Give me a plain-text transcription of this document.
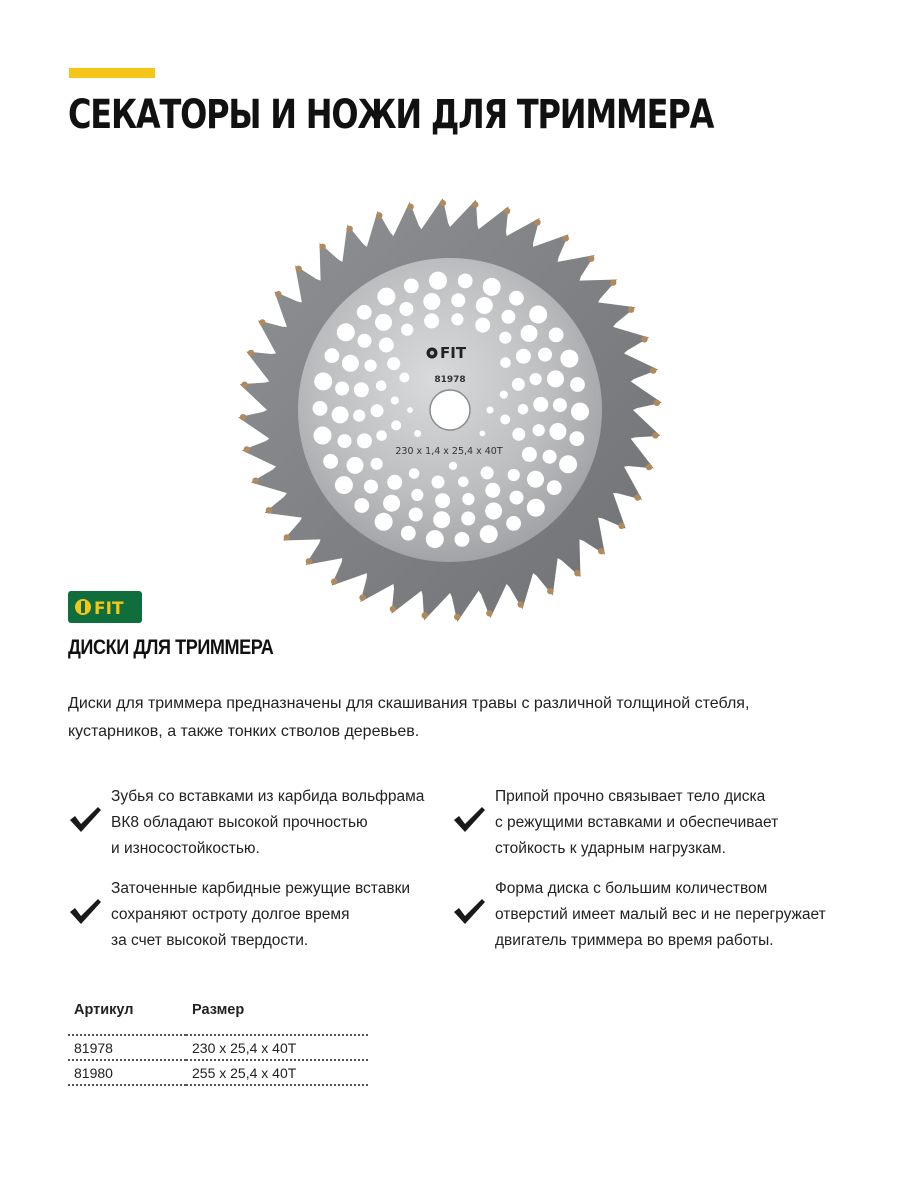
СЕКАТОРЫ И НОЖИ ДЛЯ ТРИММЕРА
FIT
81978
230 x 1,4 x 25,4 x 40T
FIT
ДИСКИ ДЛЯ ТРИММЕРА

Диски для триммера предназначены для скашивания травы с различной толщиной стебля, кустарников, а также тонких стволов деревьев.

Зубья со вставками из карбида вольфрама
ВК8 обладают высокой прочностью
и износостойкостью.

Припой прочно связывает тело диска
с режущими вставками и обеспечивает
стойкость к ударным нагрузкам.

Заточенные карбидные режущие вставки
сохраняют остроту долгое время
за счет высокой твердости.

Форма диска с большим количеством
отверстий имеет малый вес и не перегружает
двигатель триммера во время работы.

Артикул	Размер
81978	230 х 25,4 х 40Т
81980	255 х 25,4 х 40Т
